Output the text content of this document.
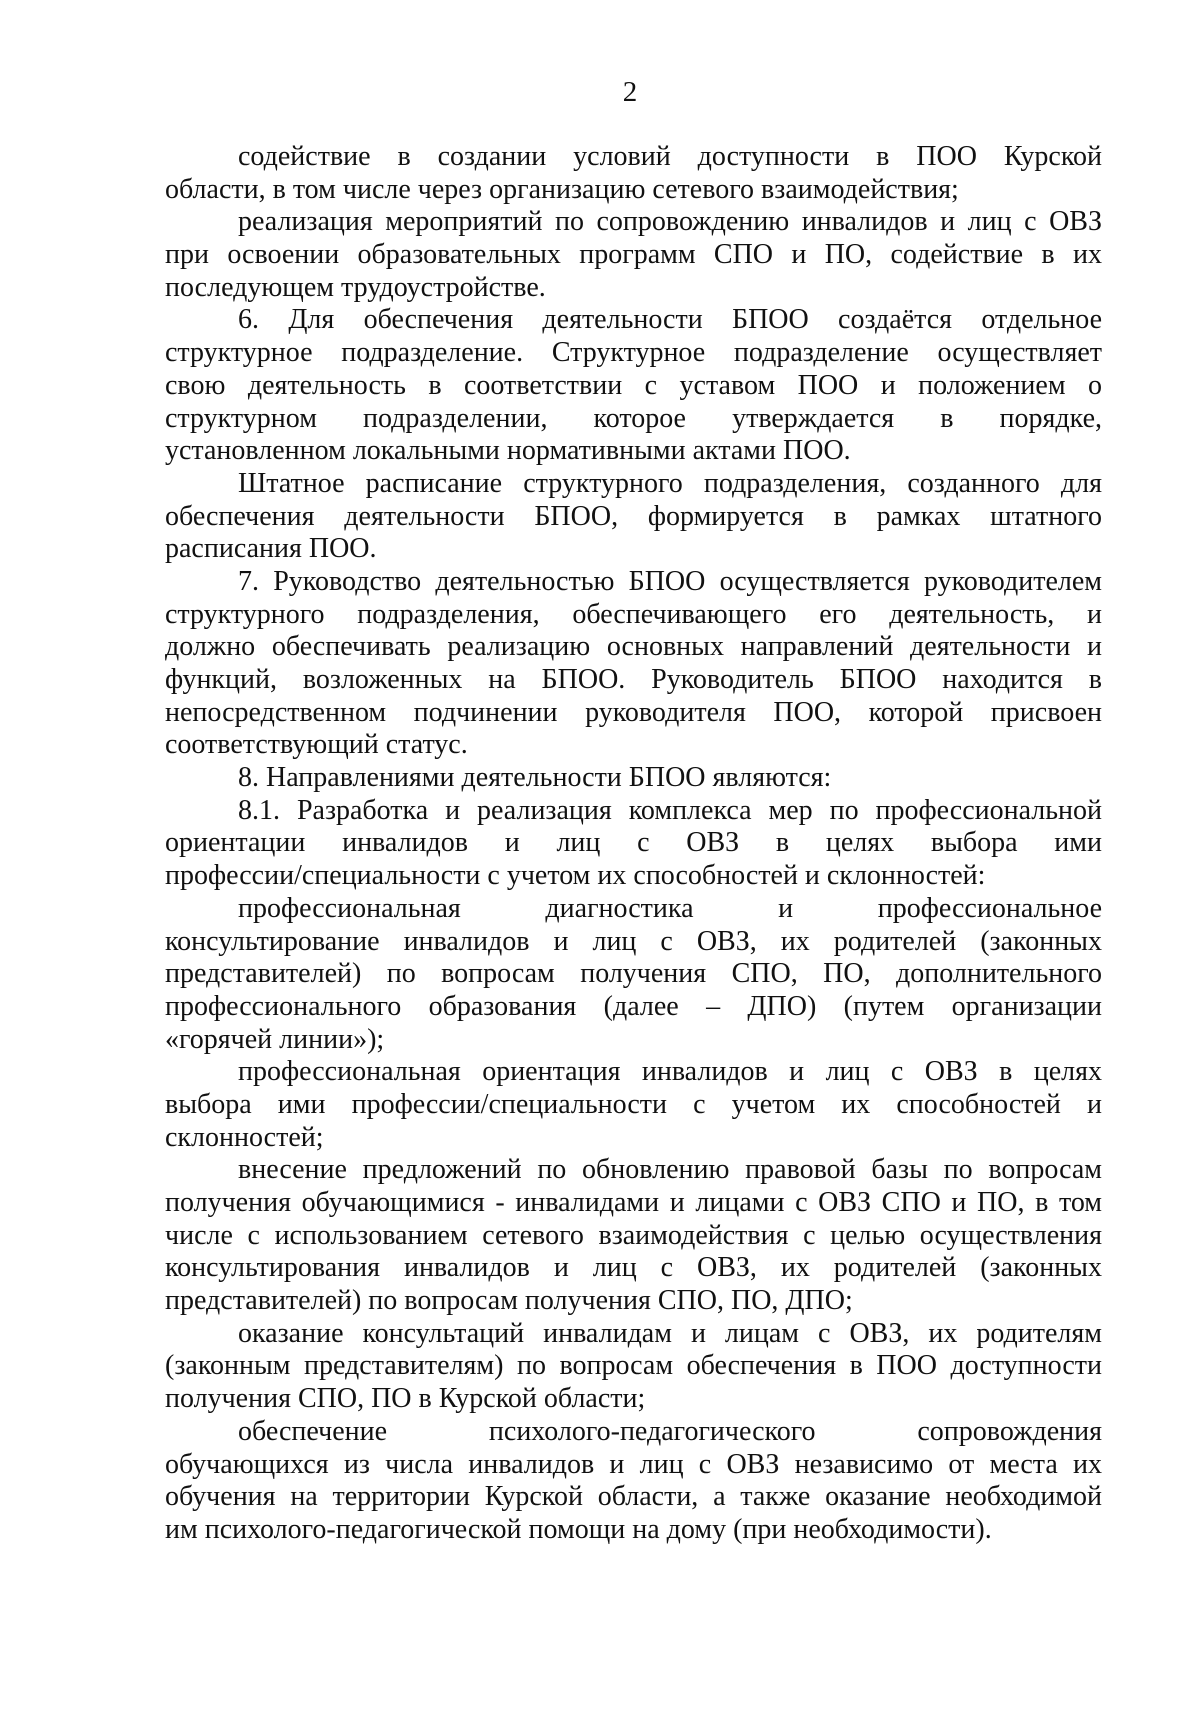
2
содействие в создании условий доступности в ПОО Курской
области, в том числе через организацию сетевого взаимодействия;
реализация мероприятий по сопровождению инвалидов и лиц с ОВЗ
при освоении образовательных программ СПО и ПО, содействие в их
последующем трудоустройстве.
6. Для обеспечения деятельности БПОО создаётся отдельное
структурное подразделение. Структурное подразделение осуществляет
свою деятельность в соответствии с уставом ПОО и положением о
структурном подразделении, которое утверждается в порядке,
установленном локальными нормативными актами ПОО.
Штатное расписание структурного подразделения, созданного для
обеспечения деятельности БПОО, формируется в рамках штатного
расписания ПОО.
7. Руководство деятельностью БПОО осуществляется руководителем
структурного подразделения, обеспечивающего его деятельность, и
должно обеспечивать реализацию основных направлений деятельности и
функций, возложенных на БПОО. Руководитель БПОО находится в
непосредственном подчинении руководителя ПОО, которой присвоен
соответствующий статус.
8. Направлениями деятельности БПОО являются:
8.1. Разработка и реализация комплекса мер по профессиональной
ориентации инвалидов и лиц с ОВЗ в целях выбора ими
профессии/специальности с учетом их способностей и склонностей:
профессиональная диагностика и профессиональное
консультирование инвалидов и лиц с ОВЗ, их родителей (законных
представителей) по вопросам получения СПО, ПО, дополнительного
профессионального образования (далее – ДПО) (путем организации
«горячей линии»);
профессиональная ориентация инвалидов и лиц с ОВЗ в целях
выбора ими профессии/специальности с учетом их способностей и
склонностей;
внесение предложений по обновлению правовой базы по вопросам
получения обучающимися - инвалидами и лицами с ОВЗ СПО и ПО, в том
числе с использованием сетевого взаимодействия с целью осуществления
консультирования инвалидов и лиц с ОВЗ, их родителей (законных
представителей) по вопросам получения СПО, ПО, ДПО;
оказание консультаций инвалидам и лицам с ОВЗ, их родителям
(законным представителям) по вопросам обеспечения в ПОО доступности
получения СПО, ПО в Курской области;
обеспечение психолого-педагогического сопровождения
обучающихся из числа инвалидов и лиц с ОВЗ независимо от места их
обучения на территории Курской области, а также оказание необходимой
им психолого-педагогической помощи на дому (при необходимости).
